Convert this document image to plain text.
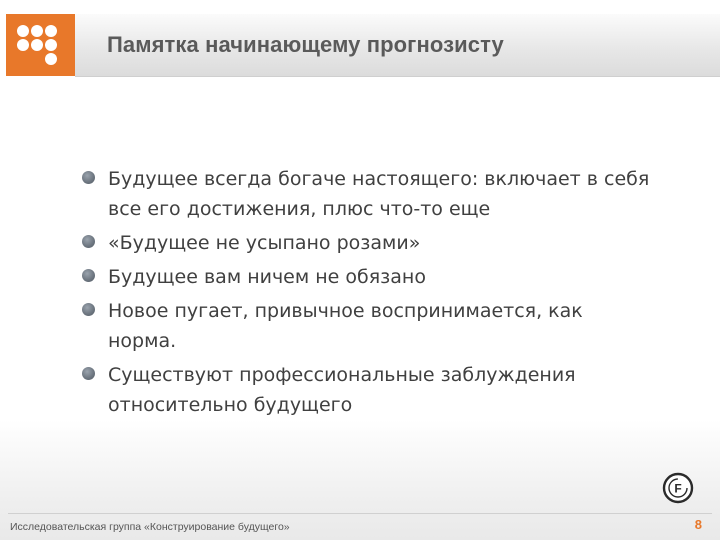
Памятка начинающему прогнозисту
Будущее всегда богаче настоящего: включает в себя
все его достижения, плюс что-то еще
«Будущее не усыпано розами»
Будущее вам ничем не обязано
Новое пугает, привычное воспринимается, как
норма.
Существуют профессиональные заблуждения
относительно будущего
F
Исследовательская группа «Конструирование будущего»	8
